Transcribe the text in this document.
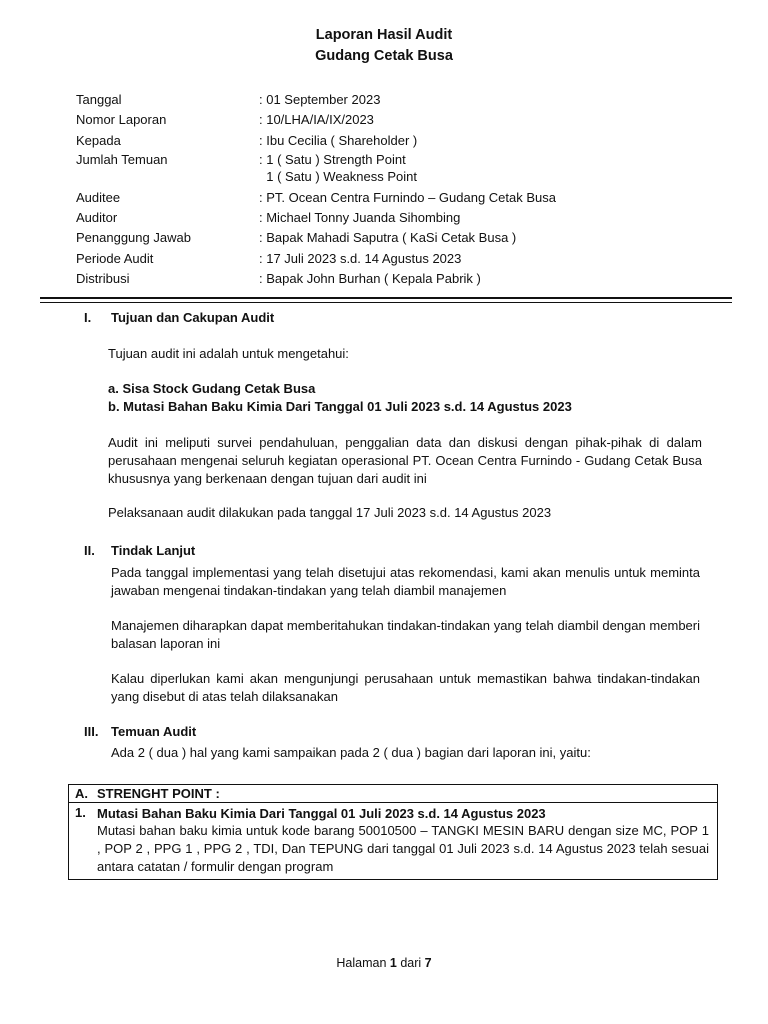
Laporan Hasil Audit
Gudang Cetak Busa
Tanggal	: 01 September 2023
Nomor Laporan	: 10/LHA/IA/IX/2023
Kepada	: Ibu Cecilia ( Shareholder )
Jumlah Temuan	: 1 ( Satu ) Strength Point
1 ( Satu ) Weakness Point
Auditee	: PT. Ocean Centra Furnindo – Gudang Cetak Busa
Auditor	: Michael Tonny Juanda Sihombing
Penanggung Jawab	: Bapak Mahadi Saputra ( KaSi Cetak Busa )
Periode Audit	: 17 Juli 2023 s.d. 14 Agustus 2023
Distribusi	: Bapak John Burhan ( Kepala Pabrik )
I. Tujuan dan Cakupan Audit
Tujuan audit ini adalah untuk mengetahui:
a. Sisa Stock Gudang Cetak Busa
b. Mutasi Bahan Baku Kimia Dari Tanggal 01 Juli 2023 s.d. 14 Agustus 2023
Audit ini meliputi survei pendahuluan, penggalian data dan diskusi dengan pihak-pihak di dalam perusahaan mengenai seluruh kegiatan operasional PT. Ocean Centra Furnindo - Gudang Cetak Busa khususnya yang berkenaan dengan tujuan dari audit ini
Pelaksanaan audit dilakukan pada tanggal 17 Juli 2023 s.d. 14 Agustus 2023
II. Tindak Lanjut
Pada tanggal implementasi yang telah disetujui atas rekomendasi, kami akan menulis untuk meminta jawaban mengenai tindakan-tindakan yang telah diambil manajemen
Manajemen diharapkan dapat memberitahukan tindakan-tindakan yang telah diambil dengan memberi balasan laporan ini
Kalau diperlukan kami akan mengunjungi perusahaan untuk memastikan bahwa tindakan-tindakan yang disebut di atas telah dilaksanakan
III. Temuan Audit
Ada 2 ( dua ) hal yang kami sampaikan pada 2 ( dua ) bagian dari laporan ini, yaitu:
A. STRENGHT POINT :
1. Mutasi Bahan Baku Kimia Dari Tanggal 01 Juli 2023 s.d. 14 Agustus 2023
Mutasi bahan baku kimia untuk kode barang 50010500 – TANGKI MESIN BARU dengan size MC, POP 1 , POP 2 , PPG 1 , PPG 2 , TDI, Dan TEPUNG dari tanggal 01 Juli 2023 s.d. 14 Agustus 2023 telah sesuai antara catatan / formulir dengan program
Halaman 1 dari 7
